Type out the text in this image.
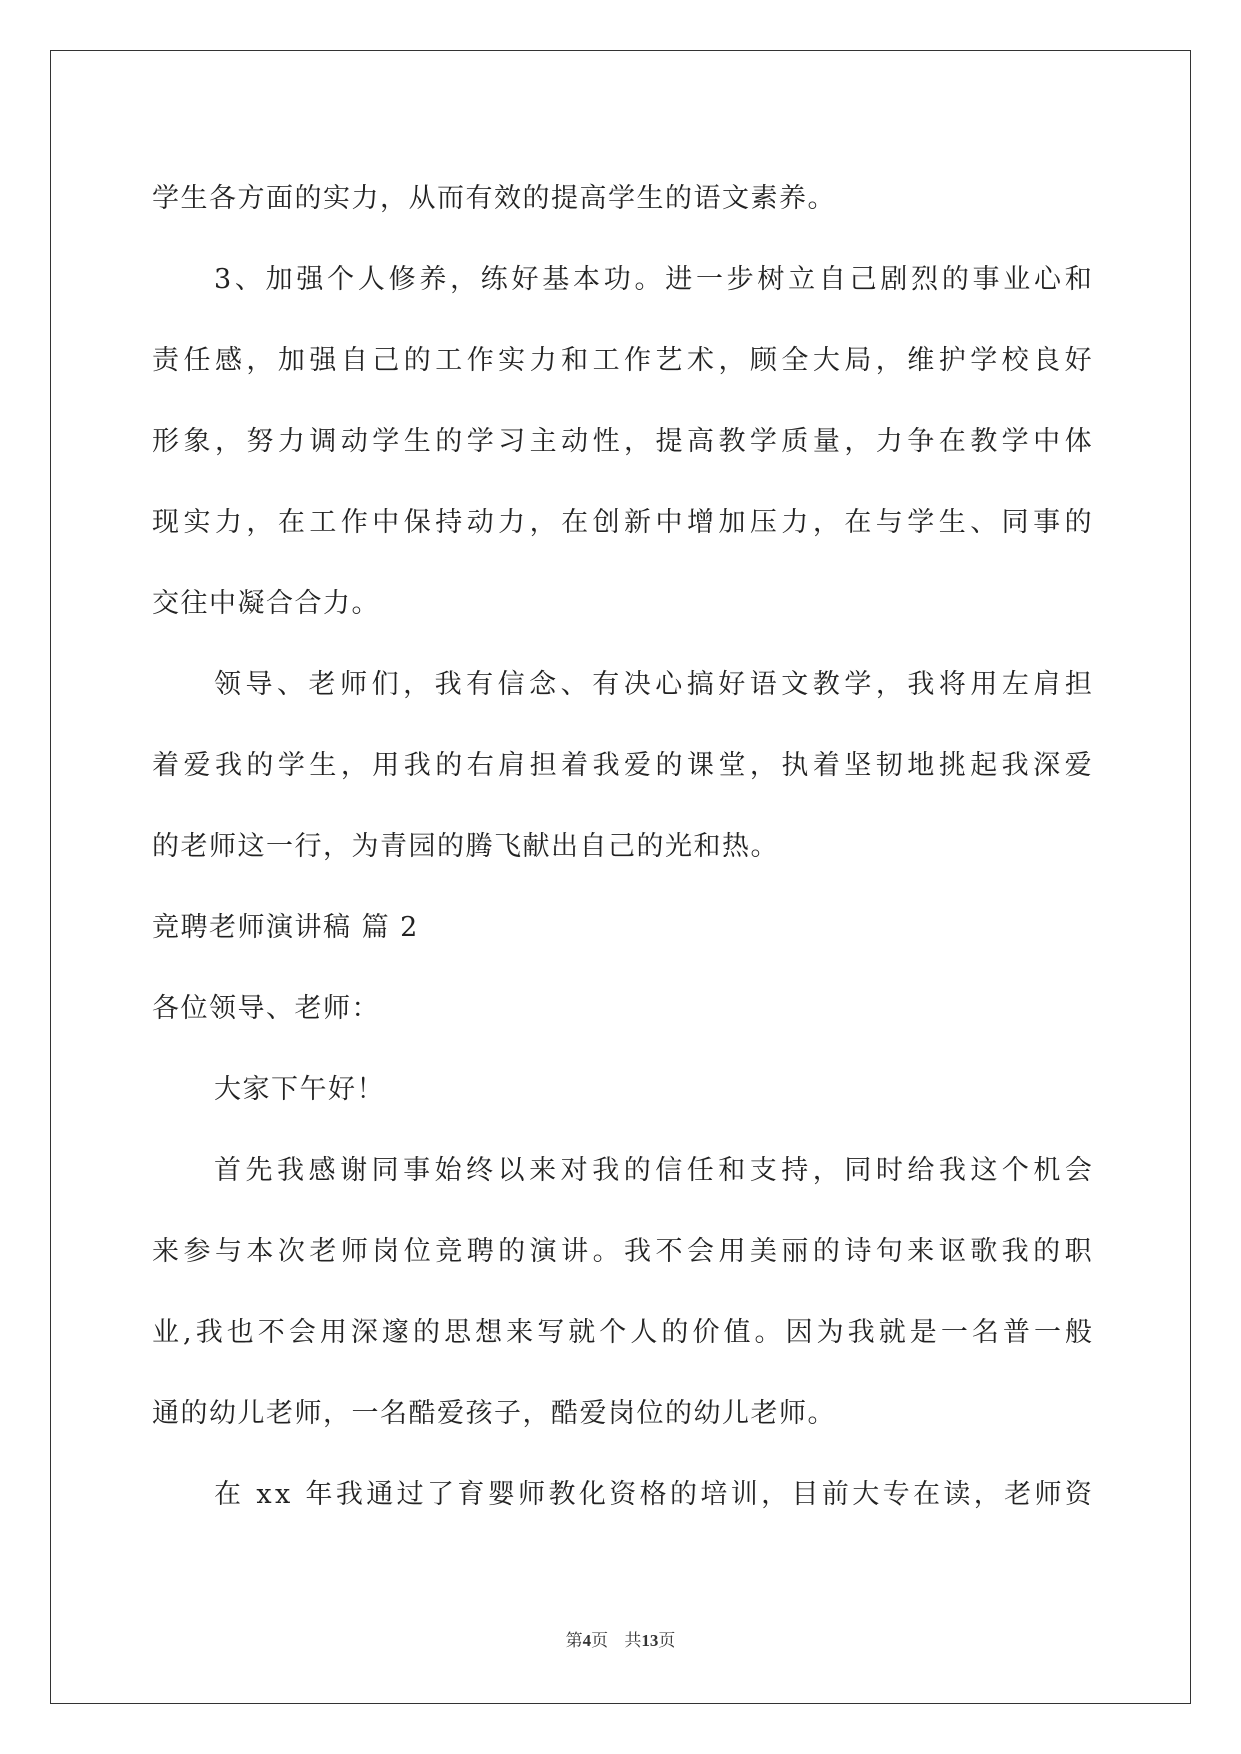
学生各方面的实力，从而有效的提高学生的语文素养。

3 、 加 强 个 人 修 养 ， 练 好 基 本 功 。 进 一 步 树 立 自 己 剧 烈 的 事 业 心 和

责 任 感 ， 加 强 自 己 的 工 作 实 力 和 工 作 艺 术 ， 顾 全 大 局 ， 维 护 学 校 良 好

形 象 ， 努 力 调 动 学 生 的 学 习 主 动 性 ， 提 高 教 学 质 量 ， 力 争 在 教 学 中 体

现 实 力 ， 在 工 作 中 保 持 动 力 ， 在 创 新 中 增 加 压 力 ， 在 与 学 生 、 同 事 的

交往中凝合合力。

领 导 、 老 师 们 ， 我 有 信 念 、 有 决 心 搞 好 语 文 教 学 ， 我 将 用 左 肩 担

着 爱 我 的 学 生 ， 用 我 的 右 肩 担 着 我 爱 的 课 堂 ， 执 着 坚 韧 地 挑 起 我 深 爱

的老师这一行，为青园的腾飞献出自己的光和热。

竞聘老师演讲稿 篇 2

各位领导、老师：

大家下午好！

首 先 我 感 谢 同 事 始 终 以 来 对 我 的 信 任 和 支 持 ， 同 时 给 我 这 个 机 会

来 参 与 本 次 老 师 岗 位 竞 聘 的 演 讲 。 我 不 会 用 美 丽 的 诗 句 来 讴 歌 我 的 职

业 , 我 也 不 会 用 深 邃 的 思 想 来 写 就 个 人 的 价 值 。 因 为 我 就 是 一 名 普 一 般

通的幼儿老师，一名酷爱孩子，酷爱岗位的幼儿老师。

在
x x
年 我 通 过 了 育 婴 师 教 化 资 格 的 培 训 ， 目 前 大 专 在 读 ， 老 师 资

第4页 共13页
